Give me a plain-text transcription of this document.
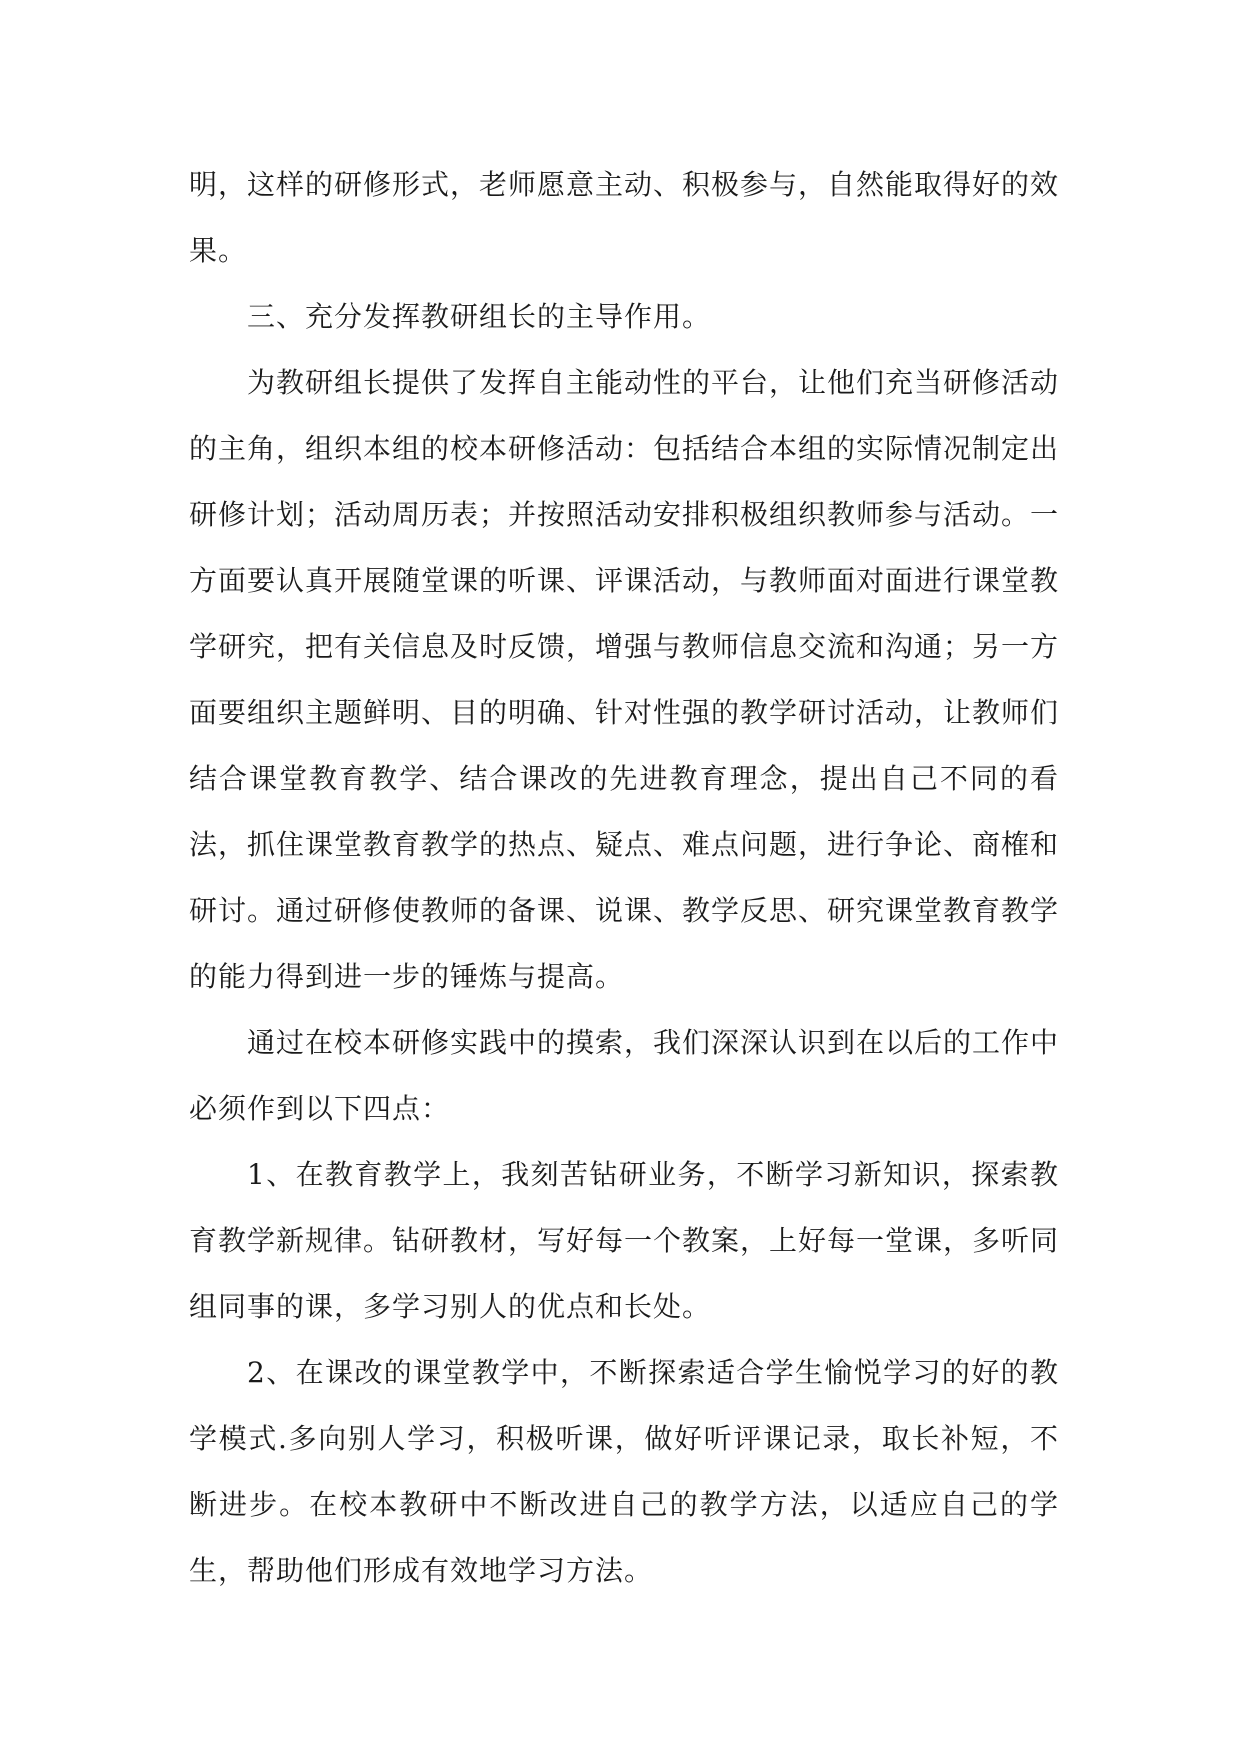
明，这样的研修形式，老师愿意主动、积极参与，自然能取得好的效果。

三、充分发挥教研组长的主导作用。

为教研组长提供了发挥自主能动性的平台，让他们充当研修活动的主角，组织本组的校本研修活动：包括结合本组的实际情况制定出研修计划；活动周历表；并按照活动安排积极组织教师参与活动。一方面要认真开展随堂课的听课、评课活动，与教师面对面进行课堂教学研究，把有关信息及时反馈，增强与教师信息交流和沟通；另一方面要组织主题鲜明、目的明确、针对性强的教学研讨活动，让教师们结合课堂教育教学、结合课改的先进教育理念，提出自己不同的看法，抓住课堂教育教学的热点、疑点、难点问题，进行争论、商榷和研讨。通过研修使教师的备课、说课、教学反思、研究课堂教育教学的能力得到进一步的锤炼与提高。

通过在校本研修实践中的摸索，我们深深认识到在以后的工作中必须作到以下四点：

1、在教育教学上，我刻苦钻研业务，不断学习新知识，探索教育教学新规律。钻研教材，写好每一个教案，上好每一堂课，多听同组同事的课，多学习别人的优点和长处。

2、在课改的课堂教学中，不断探索适合学生愉悦学习的好的教学模式.多向别人学习，积极听课，做好听评课记录，取长补短，不断进步。在校本教研中不断改进自己的教学方法，以适应自己的学生，帮助他们形成有效地学习方法。
